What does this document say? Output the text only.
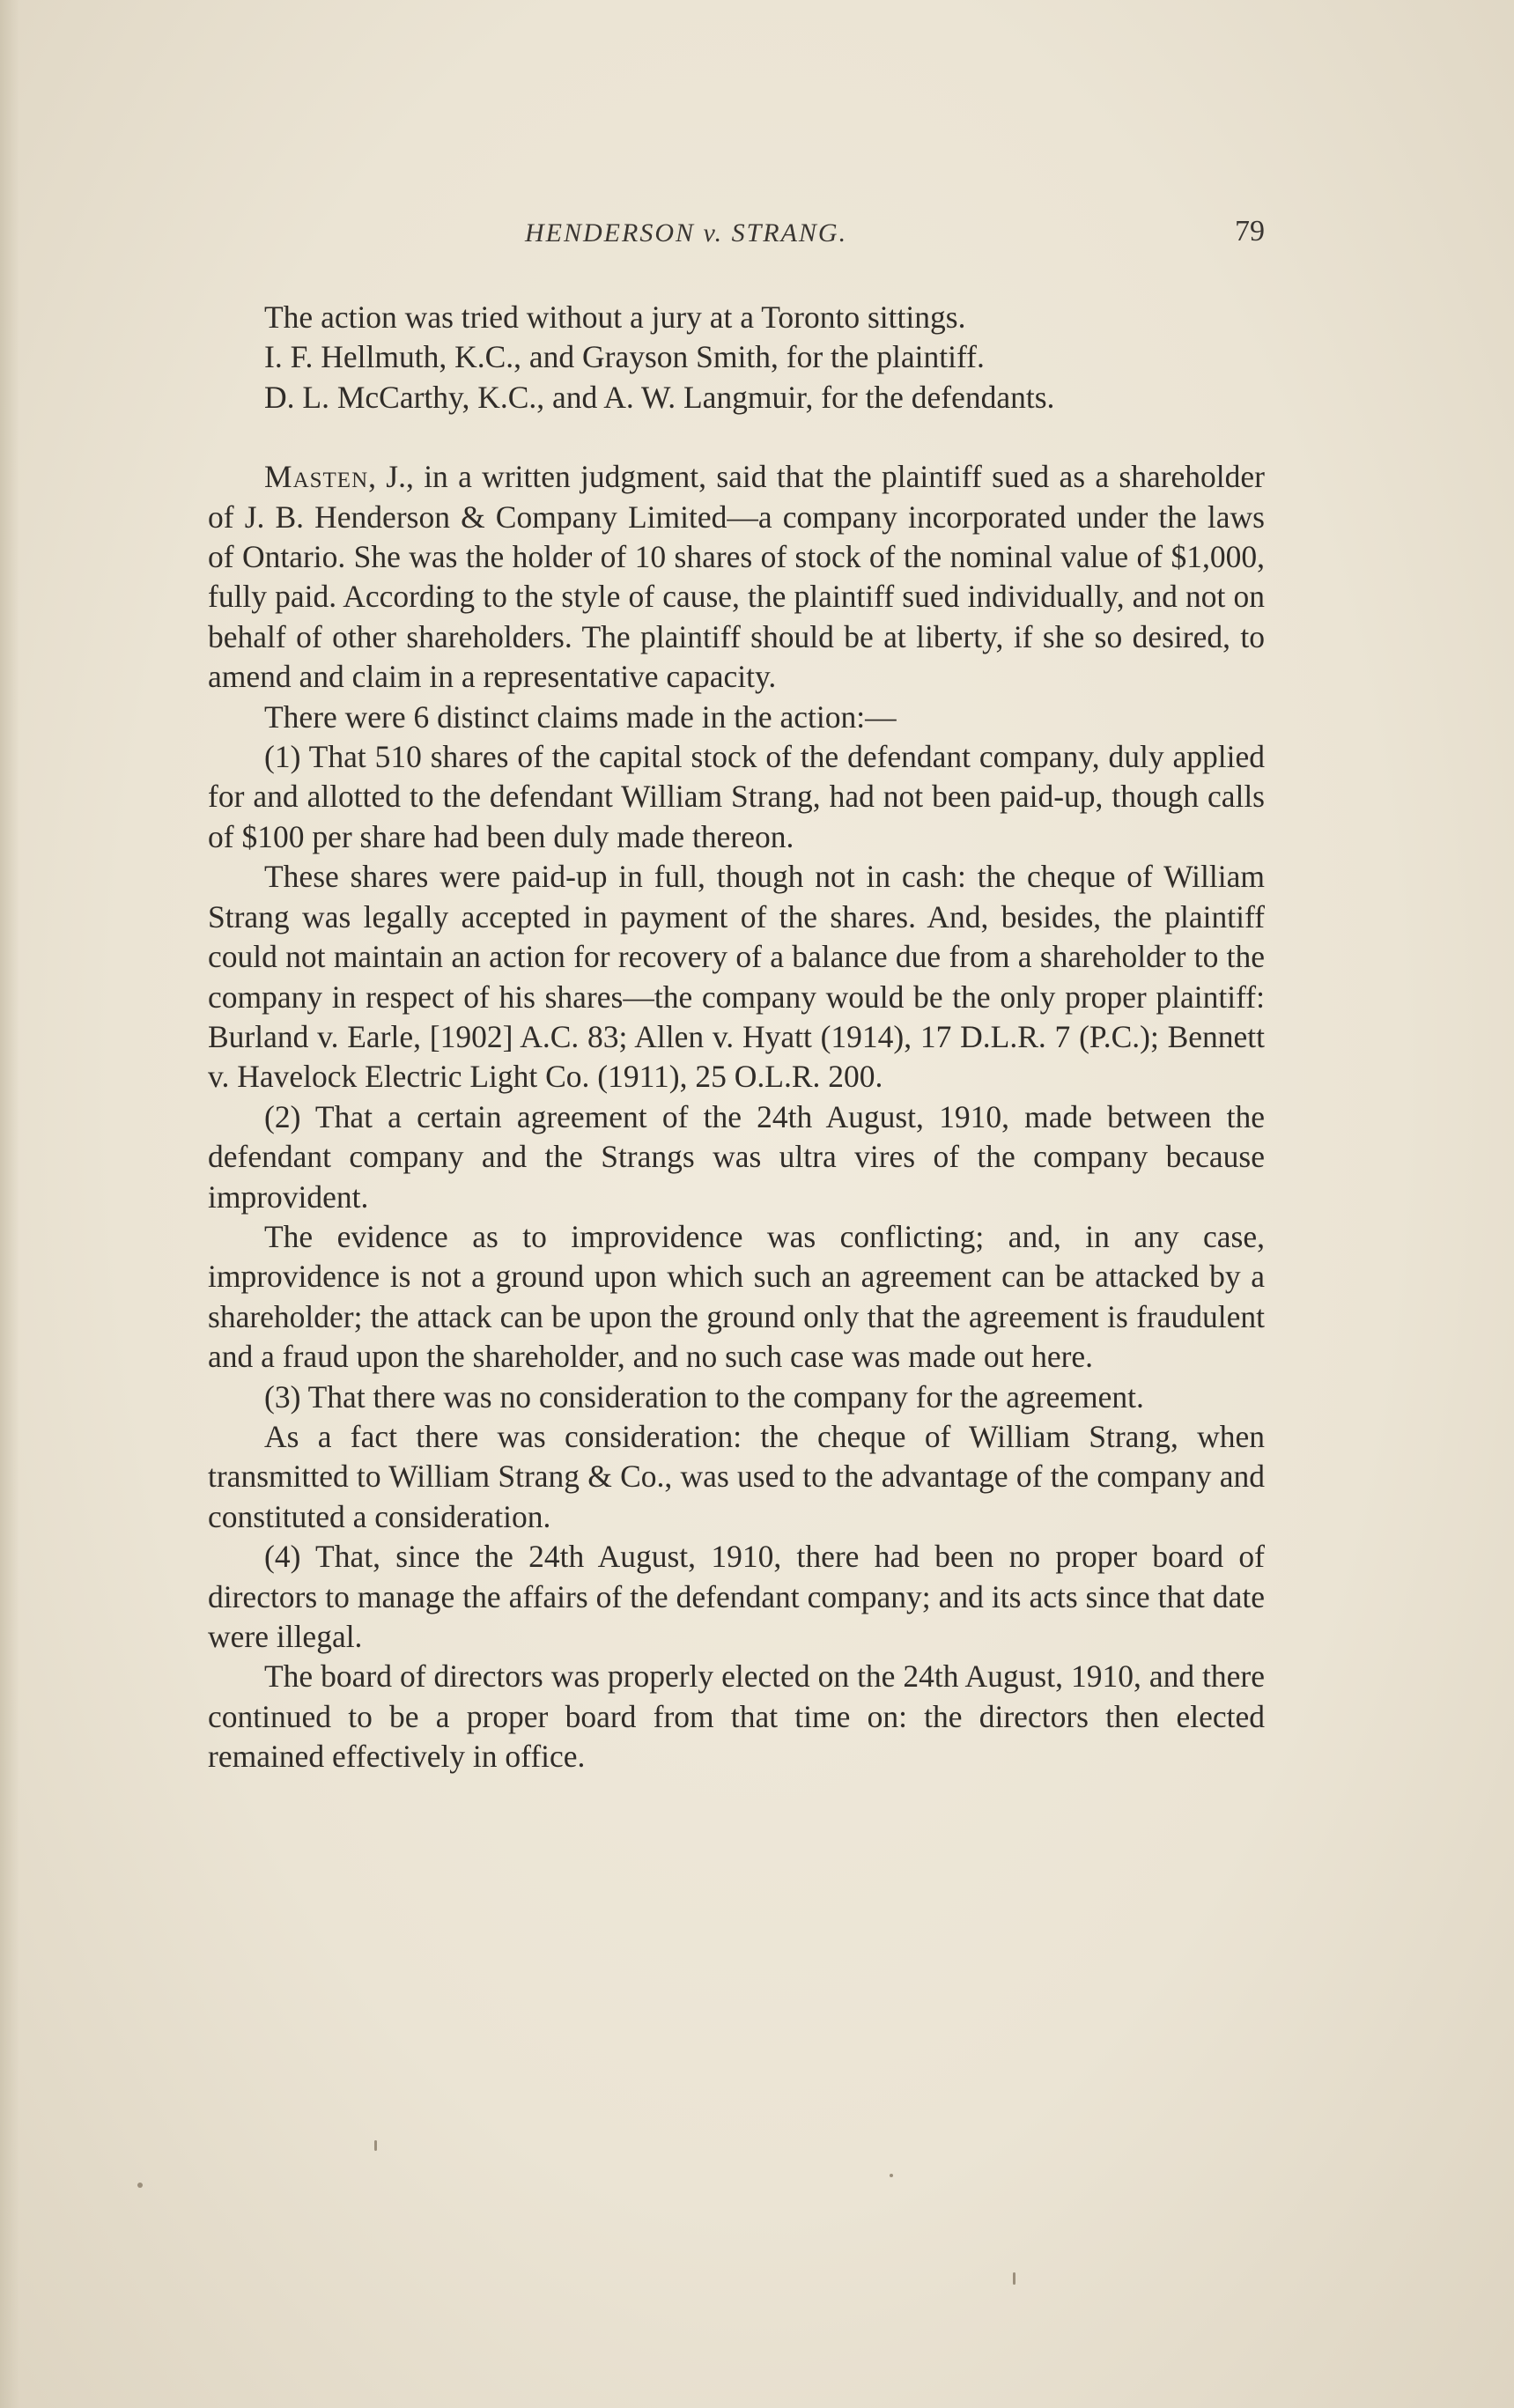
HENDERSON v. STRANG.	79

The action was tried without a jury at a Toronto sittings.

I. F. Hellmuth, K.C., and Grayson Smith, for the plaintiff.

D. L. McCarthy, K.C., and A. W. Langmuir, for the defendants.

Masten, J., in a written judgment, said that the plaintiff sued as a shareholder of J. B. Henderson & Company Limited—a company incorporated under the laws of Ontario. She was the holder of 10 shares of stock of the nominal value of $1,000, fully paid. According to the style of cause, the plaintiff sued individually, and not on behalf of other shareholders. The plaintiff should be at liberty, if she so desired, to amend and claim in a representative capacity.

There were 6 distinct claims made in the action:—

(1) That 510 shares of the capital stock of the defendant company, duly applied for and allotted to the defendant William Strang, had not been paid-up, though calls of $100 per share had been duly made thereon.

These shares were paid-up in full, though not in cash: the cheque of William Strang was legally accepted in payment of the shares. And, besides, the plaintiff could not maintain an action for recovery of a balance due from a shareholder to the company in respect of his shares—the company would be the only proper plaintiff: Burland v. Earle, [1902] A.C. 83; Allen v. Hyatt (1914), 17 D.L.R. 7 (P.C.); Bennett v. Havelock Electric Light Co. (1911), 25 O.L.R. 200.

(2) That a certain agreement of the 24th August, 1910, made between the defendant company and the Strangs was ultra vires of the company because improvident.

The evidence as to improvidence was conflicting; and, in any case, improvidence is not a ground upon which such an agreement can be attacked by a shareholder; the attack can be upon the ground only that the agreement is fraudulent and a fraud upon the shareholder, and no such case was made out here.

(3) That there was no consideration to the company for the agreement.

As a fact there was consideration: the cheque of William Strang, when transmitted to William Strang & Co., was used to the advantage of the company and constituted a consideration.

(4) That, since the 24th August, 1910, there had been no proper board of directors to manage the affairs of the defendant company; and its acts since that date were illegal.

The board of directors was properly elected on the 24th August, 1910, and there continued to be a proper board from that time on: the directors then elected remained effectively in office.
